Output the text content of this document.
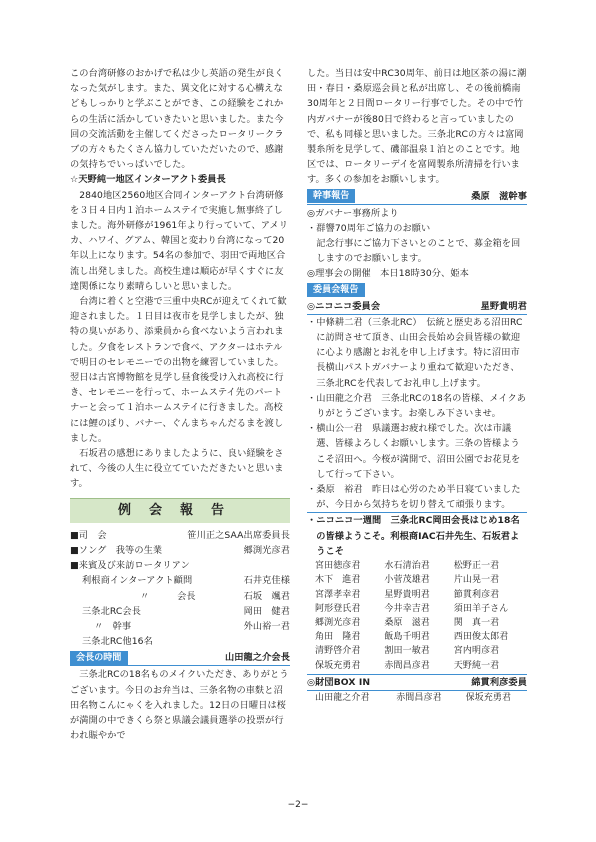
この台湾研修のおかげで私は少し英語の発生が良くなった気がします。また、異文化に対する心構えなどもしっかりと学ぶことができ、この経験をこれからの生活に活かしていきたいと思いました。また今回の交流活動を主催してくださったロータリークラブの方々もたくさん協力していただいたので、感謝の気持ちでいっぱいでした。

☆天野純一地区インターアクト委員長

2840地区2560地区合同インターアクト台湾研修を３日４日内１泊ホームステイで実施し無事終了しました。海外研修が1961年より行っていて、アメリカ、ハワイ、グアム、韓国と変わり台湾になって20年以上になります。54名の参加で、羽田で両地区合流し出発しました。高校生達は順応が早くすぐに友達関係になり素晴らしいと思いました。

台湾に着くと空港で三重中央RCが迎えてくれて歓迎されました。１日目は夜市を見学しましたが、独特の臭いがあり、添乗員から食べないよう言われました。夕食をレストランで食べ、アクターはホテルで明日のセレモニーでの出物を練習していました。翌日は古宮博物館を見学し昼食後受け入れ高校に行き、セレモニーを行って、ホームステイ先のパートナーと会って１泊ホームステイに行きました。高校には鯉のぼり、バナー、ぐんまちゃんだるまを渡しました。

石坂君の感想にありましたように、良い経験をされて、今後の人生に役立てていただきたいと思います。

例会報告
■司　会	笹川正之SAA出席委員長
■ソング　我等の生業	郷渕光彦君

■来賓及び来訪ロータリアン

利根商インターアクト顧問	石井克佳様
〃　　　会長	石坂　颯君
三条北RC会長	岡田　健君
〃　幹事	外山裕一君

三条北RC他16名

会長の時間	山田龍之介会長

三条北RCの18名ものメイクいただき、ありがとうございます。今日のお弁当は、三条名物の車麩と沼田名物こんにゃくを入れました。12日の日曜日は桜が満開の中できくら祭と県議会議員選挙の投票が行われ賑やかで

した。当日は安中RC30周年、前日は地区茶の湯に潮田・春日・桑原巡会員と私が出席し、その後前橋南30周年と２日間ロータリー行事でした。その中で竹内ガバナーが後80日で終わると言っていましたので、私も同様と思いました。三条北RCの方々は富岡製糸所を見学して、磯部温泉１泊とのことです。地区では、ロータリーデイを富岡製糸所清掃を行います。多くの参加をお願いします。

幹事報告	桑原　滋幹事

◎ガバナー事務所より

・群響70周年ご協力のお願い

記念行事にご協力下さいとのことで、募金箱を回しますのでお願いします。

◎理事会の開催　本日18時30分、姫本

委員会報告
◎ニコニコ委員会	星野貴明君

・中條耕二君（三条北RC）　伝統と歴史ある沼田RCに訪問させて頂き、山田会長始め会員皆様の歓迎に心より感謝とお礼を申し上げます。特に沼田市長横山パストガバナーより重ねて歓迎いただき、三条北RCを代表してお礼申し上げます。

・山田龍之介君　三条北RCの18名の皆様、メイクありがとうございます。お楽しみ下さいませ。

・横山公一君　県議選お疲れ様でした。次は市議選、皆様よろしくお願いします。三条の皆様ようこそ沼田へ。今桜が満開で、沼田公園でお花見をして行って下さい。

・桑原　裕君　昨日は心労のため半日寝ていましたが、今日から気持ちを切り替えて頑張ります。

・ニコニコ一週間　三条北RC岡田会長はじめ18名の皆様ようこそ。利根商IAC石井先生、石坂君ようこそ

宮田徳彦君	水石清治君	松野正一君
木下　進君	小菅茂雄君	片山晃一君
宮澤孝幸君	星野貴明君	節貫利彦君
阿形登氏君	今井幸吉君	須田羊子さん
郷渕光彦君	桑原　滋君	関　真一君
角田　隆君	飯島千明君	西田俊太郎君
清野啓介君	割田一敏君	宮内明彦君
保坂充勇君	赤間昌彦君	天野純一君
◎財団BOX IN	綿貫利彦委員
山田龍之介君	赤間昌彦君	保坂充勇君
−2−
